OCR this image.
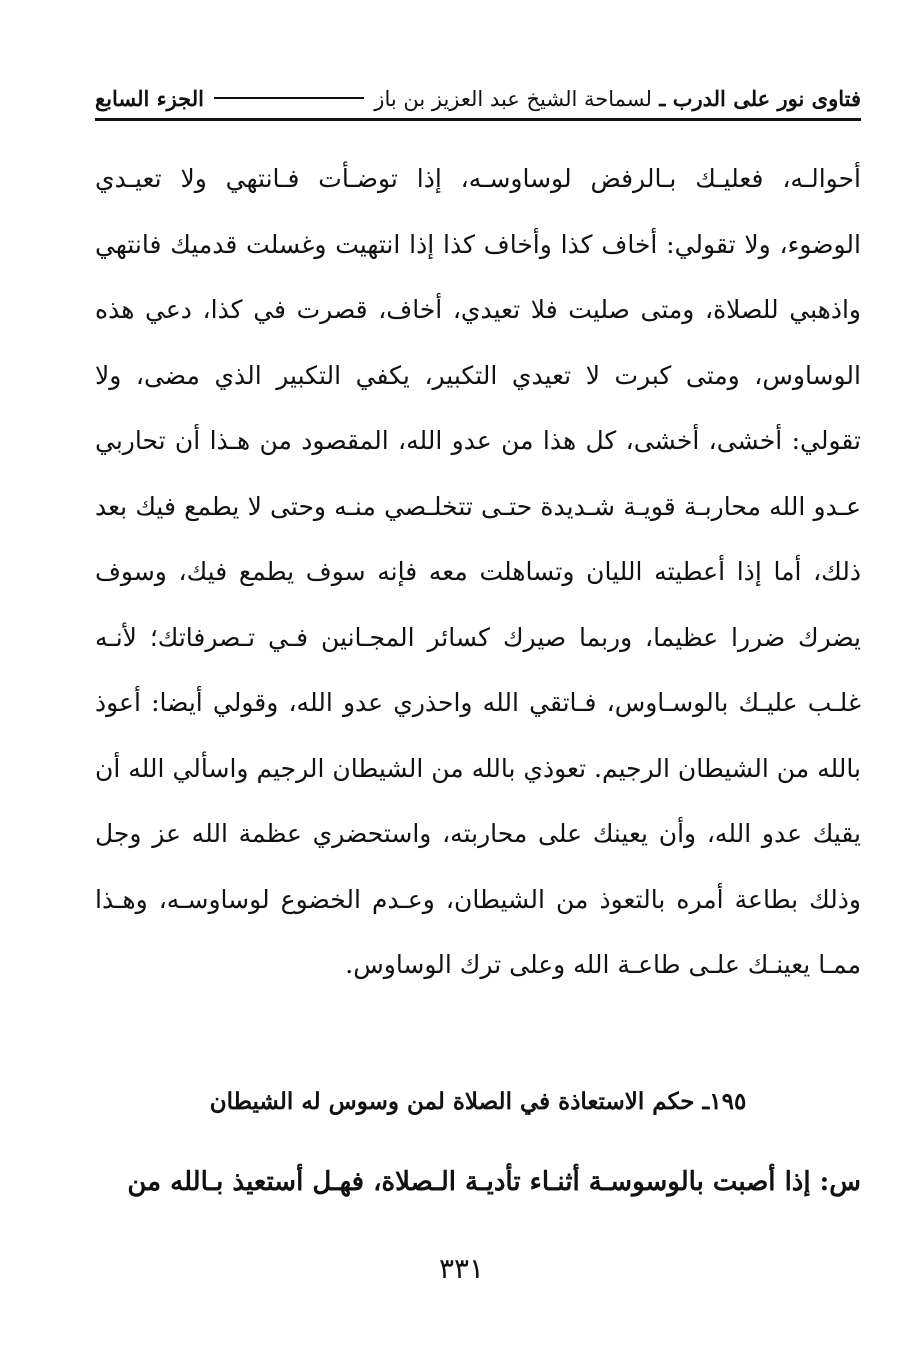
فتاوى نور على الدرب ـ لسماحة الشيخ عبد العزيز بن باز
الجزء السابع

أحوالـه، فعليـك بـالرفض لوساوسـه، إذا توضـأت فـانتهي ولا تعيـدي الوضوء، ولا تقولي: أخاف كذا وأخاف كذا إذا انتهيت وغسلت قدميك فانتهي واذهبي للصلاة، ومتى صليت فلا تعيدي، أخاف، قصرت في كذا، دعي هذه الوساوس، ومتى كبرت لا تعيدي التكبير، يكفي التكبير الذي مضى، ولا تقولي: أخشى، أخشى، كل هذا من عدو الله، المقصود من هـذا أن تحاربي عـدو الله محاربـة قويـة شـديدة حتـى تتخلـصي منـه وحتى لا يطمع فيك بعد ذلك، أما إذا أعطيته الليان وتساهلت معه فإنه سوف يطمع فيك، وسوف يضرك ضررا عظيما، وربما صيرك كسائر المجـانين فـي تـصرفاتك؛ لأنـه غلـب عليـك بالوسـاوس، فـاتقي الله واحذري عدو الله، وقولي أيضا: أعوذ بالله من الشيطان الرجيم. تعوذي بالله من الشيطان الرجيم واسألي الله أن يقيك عدو الله، وأن يعينك على محاربته، واستحضري عظمة الله عز وجل وذلك بطاعة أمره بالتعوذ من الشيطان، وعـدم الخضوع لوساوسـه، وهـذا ممـا يعينـك علـى طاعـة الله وعلى ترك الوساوس.

١٩٥ـ حكم الاستعاذة في الصلاة لمن وسوس له الشيطان
س: إذا أصبت بالوسوسـة أثنـاء تأديـة الـصلاة، فهـل أستعيذ بـالله من
٣٣١
